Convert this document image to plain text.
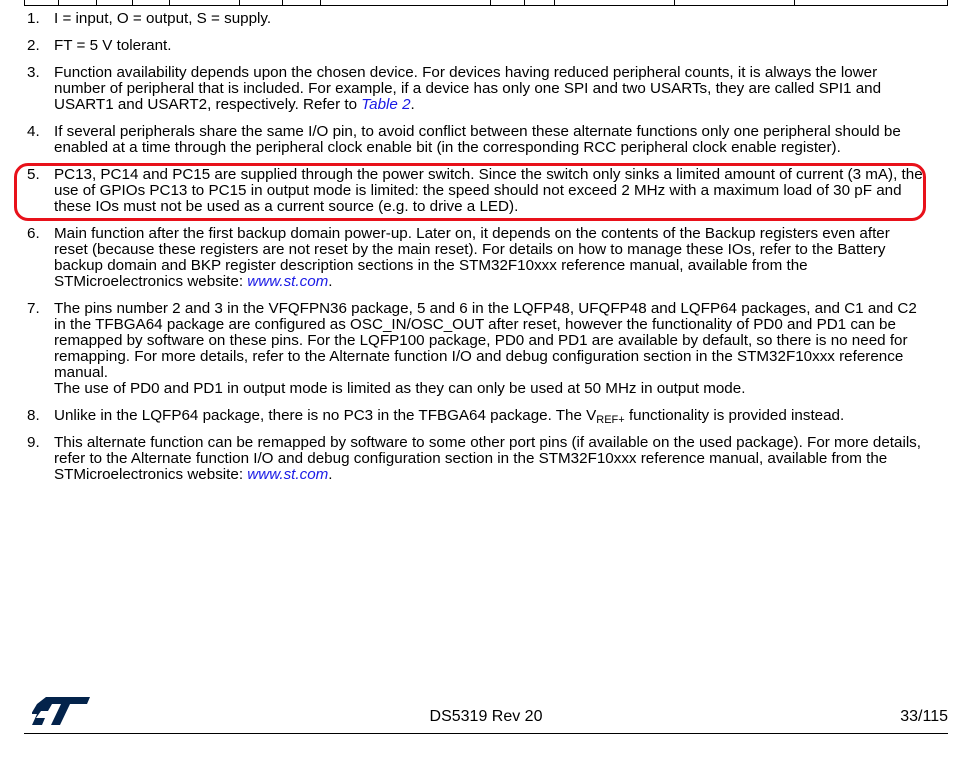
1. I = input, O = output, S = supply.
2. FT = 5 V tolerant.
3. Function availability depends upon the chosen device. For devices having reduced peripheral counts, it is always the lower number of peripheral that is included. For example, if a device has only one SPI and two USARTs, they are called SPI1 and USART1 and USART2, respectively. Refer to Table 2.
4. If several peripherals share the same I/O pin, to avoid conflict between these alternate functions only one peripheral should be enabled at a time through the peripheral clock enable bit (in the corresponding RCC peripheral clock enable register).
5. PC13, PC14 and PC15 are supplied through the power switch. Since the switch only sinks a limited amount of current (3 mA), the use of GPIOs PC13 to PC15 in output mode is limited: the speed should not exceed 2 MHz with a maximum load of 30 pF and these IOs must not be used as a current source (e.g. to drive a LED).
6. Main function after the first backup domain power-up. Later on, it depends on the contents of the Backup registers even after reset (because these registers are not reset by the main reset). For details on how to manage these IOs, refer to the Battery backup domain and BKP register description sections in the STM32F10xxx reference manual, available from the STMicroelectronics website: www.st.com.
7. The pins number 2 and 3 in the VFQFPN36 package, 5 and 6 in the LQFP48, UFQFP48 and LQFP64 packages, and C1 and C2 in the TFBGA64 package are configured as OSC_IN/OSC_OUT after reset, however the functionality of PD0 and PD1 can be remapped by software on these pins. For the LQFP100 package, PD0 and PD1 are available by default, so there is no need for remapping. For more details, refer to the Alternate function I/O and debug configuration section in the STM32F10xxx reference manual.
The use of PD0 and PD1 in output mode is limited as they can only be used at 50 MHz in output mode.
8. Unlike in the LQFP64 package, there is no PC3 in the TFBGA64 package. The $V_{REF+}$ functionality is provided instead.
9. This alternate function can be remapped by software to some other port pins (if available on the used package). For more details, refer to the Alternate function I/O and debug configuration section in the STM32F10xxx reference manual, available from the STMicroelectronics website: www.st.com.
DS5319 Rev 20	33/115
